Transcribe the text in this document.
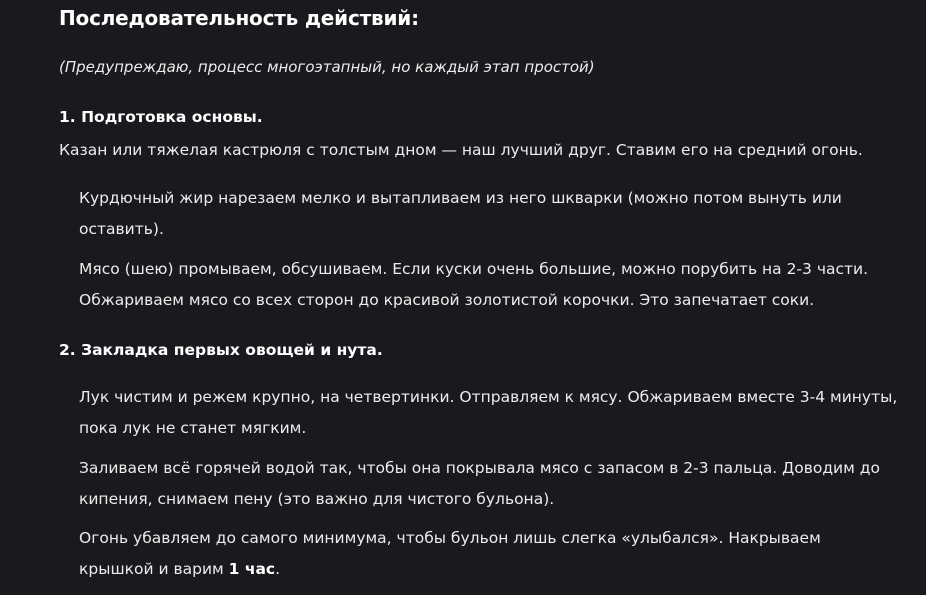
Последовательность действий:

(Предупреждаю, процесс многоэтапный, но каждый этап простой)

1. Подготовка основы.

Казан или тяжелая кастрюля с толстым дном — наш лучший друг. Ставим его на средний огонь.

Курдючный жир нарезаем мелко и вытапливаем из него шкварки (можно потом вынуть или оставить).

Мясо (шею) промываем, обсушиваем. Если куски очень большие, можно порубить на 2-3 части. Обжариваем мясо со всех сторон до красивой золотистой корочки. Это запечатает соки.

2. Закладка первых овощей и нута.

Лук чистим и режем крупно, на четвертинки. Отправляем к мясу. Обжариваем вместе 3-4 минуты, пока лук не станет мягким.

Заливаем всё горячей водой так, чтобы она покрывала мясо с запасом в 2-3 пальца. Доводим до кипения, снимаем пену (это важно для чистого бульона).

Огонь убавляем до самого минимума, чтобы бульон лишь слегка «улыбался». Накрываем крышкой и варим 1 час.
